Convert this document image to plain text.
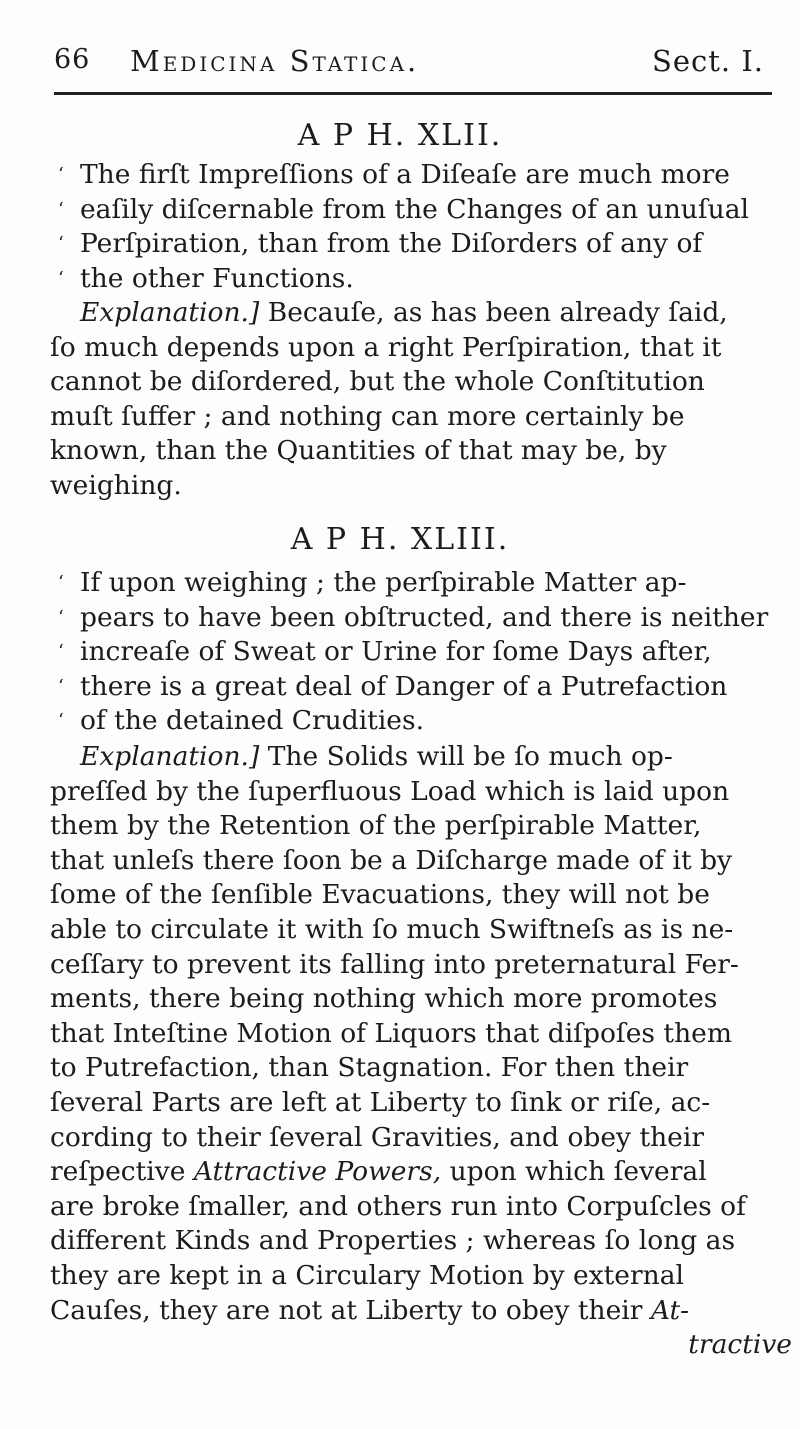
66 Medicina Statica.	Sect. I.
A P H. XLII.
‘ The firſt Impreſſions of a Diſeaſe are much more
‘ eaſily diſcernable from the Changes of an unuſual
‘ Perſpiration, than from the Diſorders of any of
‘ the other Functions.
Explanation.] Becauſe, as has been already ſaid,
ſo much depends upon a right Perſpiration, that it
cannot be diſordered, but the whole Conſtitution
muſt ſuffer ; and nothing can more certainly be
known, than the Quantities of that may be, by
weighing.
A P H. XLIII.
‘ If upon weighing ; the perſpirable Matter ap-
‘ pears to have been obſtructed, and there is neither
‘ increaſe of Sweat or Urine for ſome Days after,
‘ there is a great deal of Danger of a Putrefaction
‘ of the detained Crudities.
Explanation.] The Solids will be ſo much op-
preſſed by the ſuperfluous Load which is laid upon
them by the Retention of the perſpirable Matter,
that unleſs there ſoon be a Diſcharge made of it by
ſome of the ſenſible Evacuations, they will not be
able to circulate it with ſo much Swiftneſs as is ne-
ceſſary to prevent its falling into preternatural Fer-
ments, there being nothing which more promotes
that Inteſtine Motion of Liquors that diſpoſes them
to Putrefaction, than Stagnation. For then their
ſeveral Parts are left at Liberty to ſink or riſe, ac-
cording to their ſeveral Gravities, and obey their
reſpective Attractive Powers, upon which ſeveral
are broke ſmaller, and others run into Corpuſcles of
different Kinds and Properties ; whereas ſo long as
they are kept in a Circulary Motion by external
Cauſes, they are not at Liberty to obey their At-
tractive
